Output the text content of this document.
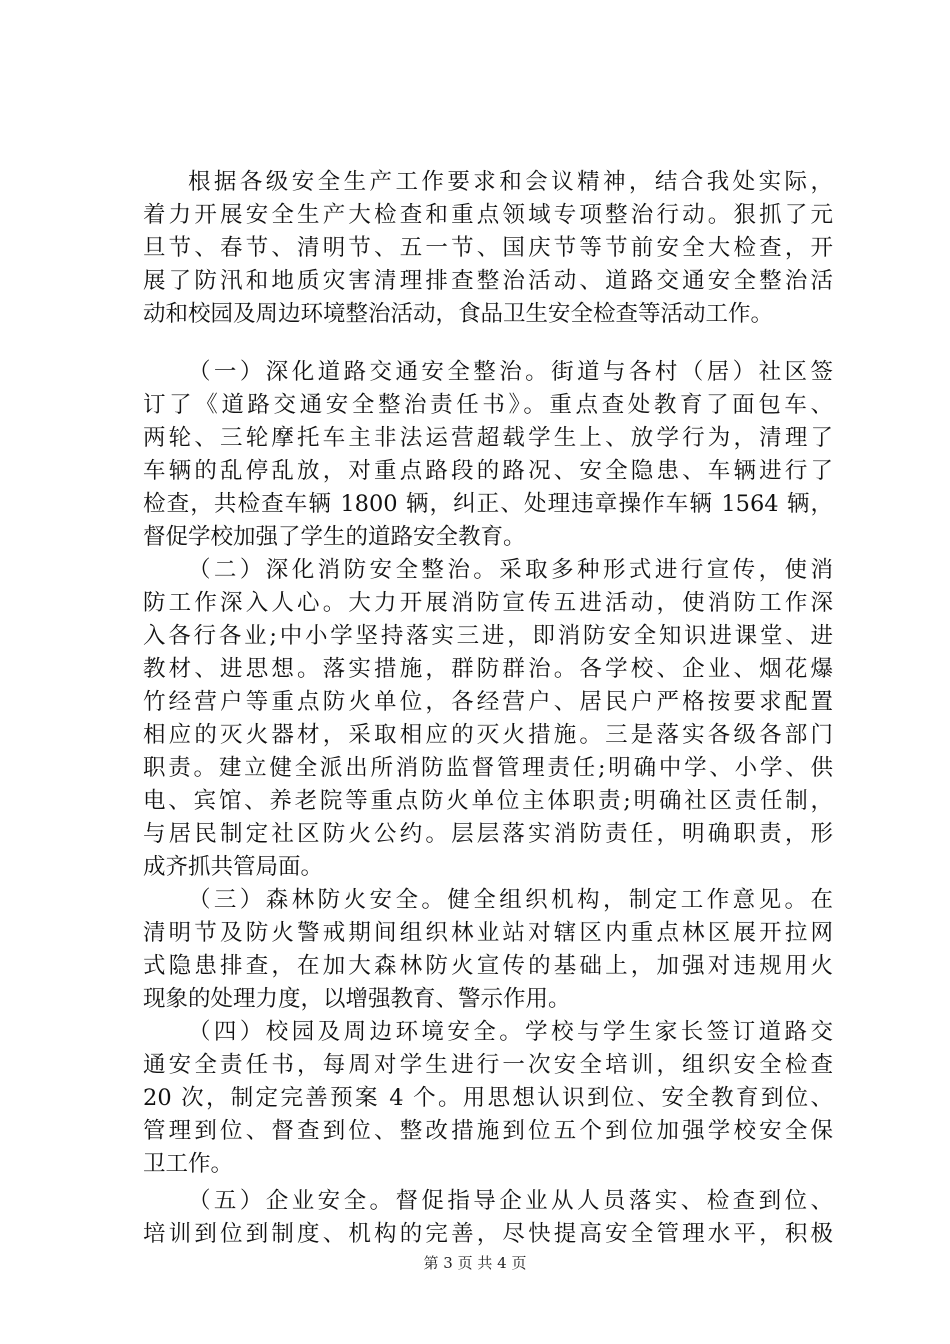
根据各级安全生产工作要求和会议精神，结合我处实际，
着力开展安全生产大检查和重点领域专项整治行动。狠抓了元
旦节、春节、清明节、五一节、国庆节等节前安全大检查，开
展了防汛和地质灾害清理排查整治活动、道路交通安全整治活
动和校园及周边环境整治活动，食品卫生安全检查等活动工作。
（一）深化道路交通安全整治。街道与各村（居）社区签
订了《道路交通安全整治责任书》。重点查处教育了面包车、
两轮、三轮摩托车主非法运营超载学生上、放学行为，清理了
车辆的乱停乱放，对重点路段的路况、安全隐患、车辆进行了
检查，共检查车辆 1800 辆，纠正、处理违章操作车辆 1564 辆，
督促学校加强了学生的道路安全教育。
（二）深化消防安全整治。采取多种形式进行宣传，使消
防工作深入人心。大力开展消防宣传五进活动，使消防工作深
入各行各业;中小学坚持落实三进，即消防安全知识进课堂、进
教材、进思想。落实措施，群防群治。各学校、企业、烟花爆
竹经营户等重点防火单位，各经营户、居民户严格按要求配置
相应的灭火器材，采取相应的灭火措施。三是落实各级各部门
职责。建立健全派出所消防监督管理责任;明确中学、小学、供
电、宾馆、养老院等重点防火单位主体职责;明确社区责任制，
与居民制定社区防火公约。层层落实消防责任，明确职责，形
成齐抓共管局面。
（三）森林防火安全。健全组织机构，制定工作意见。在
清明节及防火警戒期间组织林业站对辖区内重点林区展开拉网
式隐患排查，在加大森林防火宣传的基础上，加强对违规用火
现象的处理力度，以增强教育、警示作用。
（四）校园及周边环境安全。学校与学生家长签订道路交
通安全责任书，每周对学生进行一次安全培训，组织安全检查
20 次，制定完善预案 4 个。用思想认识到位、安全教育到位、
管理到位、督查到位、整改措施到位五个到位加强学校安全保
卫工作。
（五）企业安全。督促指导企业从人员落实、检查到位、
培训到位到制度、机构的完善，尽快提高安全管理水平，积极
第 3 页 共 4 页
